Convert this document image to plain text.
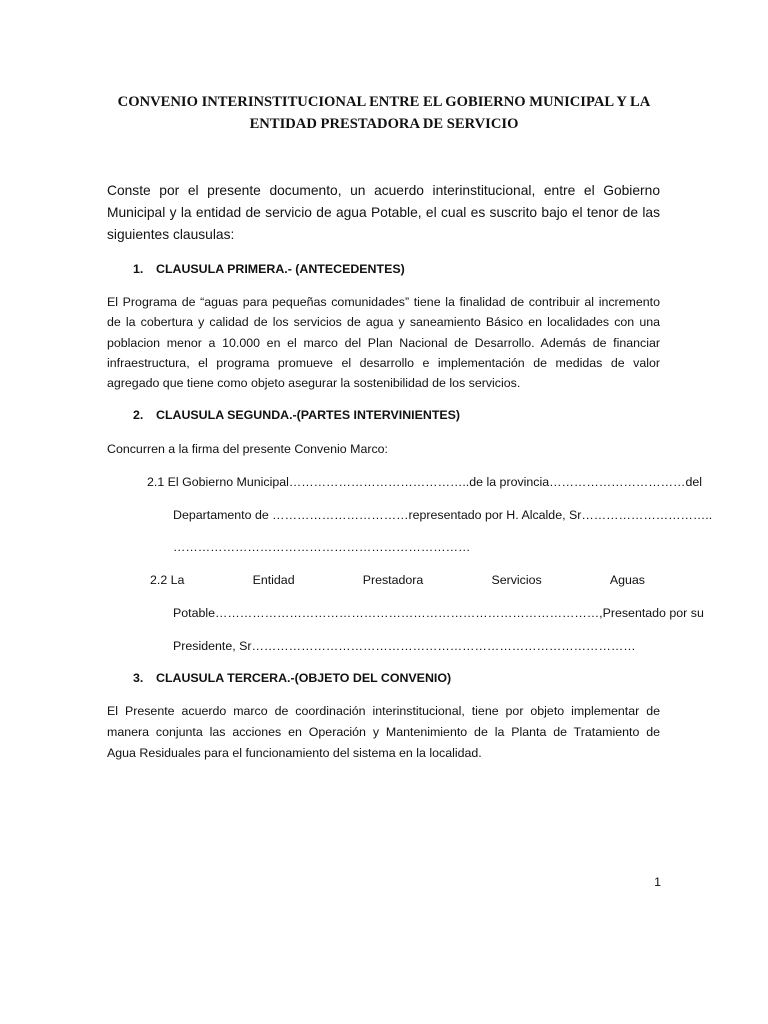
CONVENIO INTERINSTITUCIONAL ENTRE EL GOBIERNO MUNICIPAL Y LA
ENTIDAD PRESTADORA DE SERVICIO
Conste por el presente documento, un acuerdo interinstitucional, entre el Gobierno
Municipal y la entidad de servicio de agua Potable, el cual es suscrito bajo el tenor de las
siguientes clausulas:
1. CLAUSULA PRIMERA.- (ANTECEDENTES)
El Programa de “aguas para pequeñas comunidades” tiene la finalidad de contribuir al incremento
de la cobertura y calidad de los servicios de agua y saneamiento Básico en localidades con una
poblacion menor a 10.000 en el marco del Plan Nacional de Desarrollo. Además de financiar
infraestructura, el programa promueve el desarrollo e implementación de medidas de valor
agregado que tiene como objeto asegurar la sostenibilidad de los servicios.
2. CLAUSULA SEGUNDA.-(PARTES INTERVINIENTES)
Concurren a la firma del presente Convenio Marco:
2.1 El Gobierno Municipal…………………………………….. de la provincia…………………………… del
Departamento de …………………………… representado por H. Alcalde, Sr…………………………..
………………………………………………………………
2.2 La	Entidad	Prestadora	Servicios	Aguas
Potable…………………………………………………………………………………, Presentado por su
Presidente, Sr…………………………………………………………………………………
3. CLAUSULA TERCERA.-(OBJETO DEL CONVENIO)
El Presente acuerdo marco de coordinación interinstitucional, tiene por objeto implementar de
manera conjunta las acciones en Operación y Mantenimiento de la Planta de Tratamiento de
Agua Residuales para el funcionamiento del sistema en la localidad.
1
